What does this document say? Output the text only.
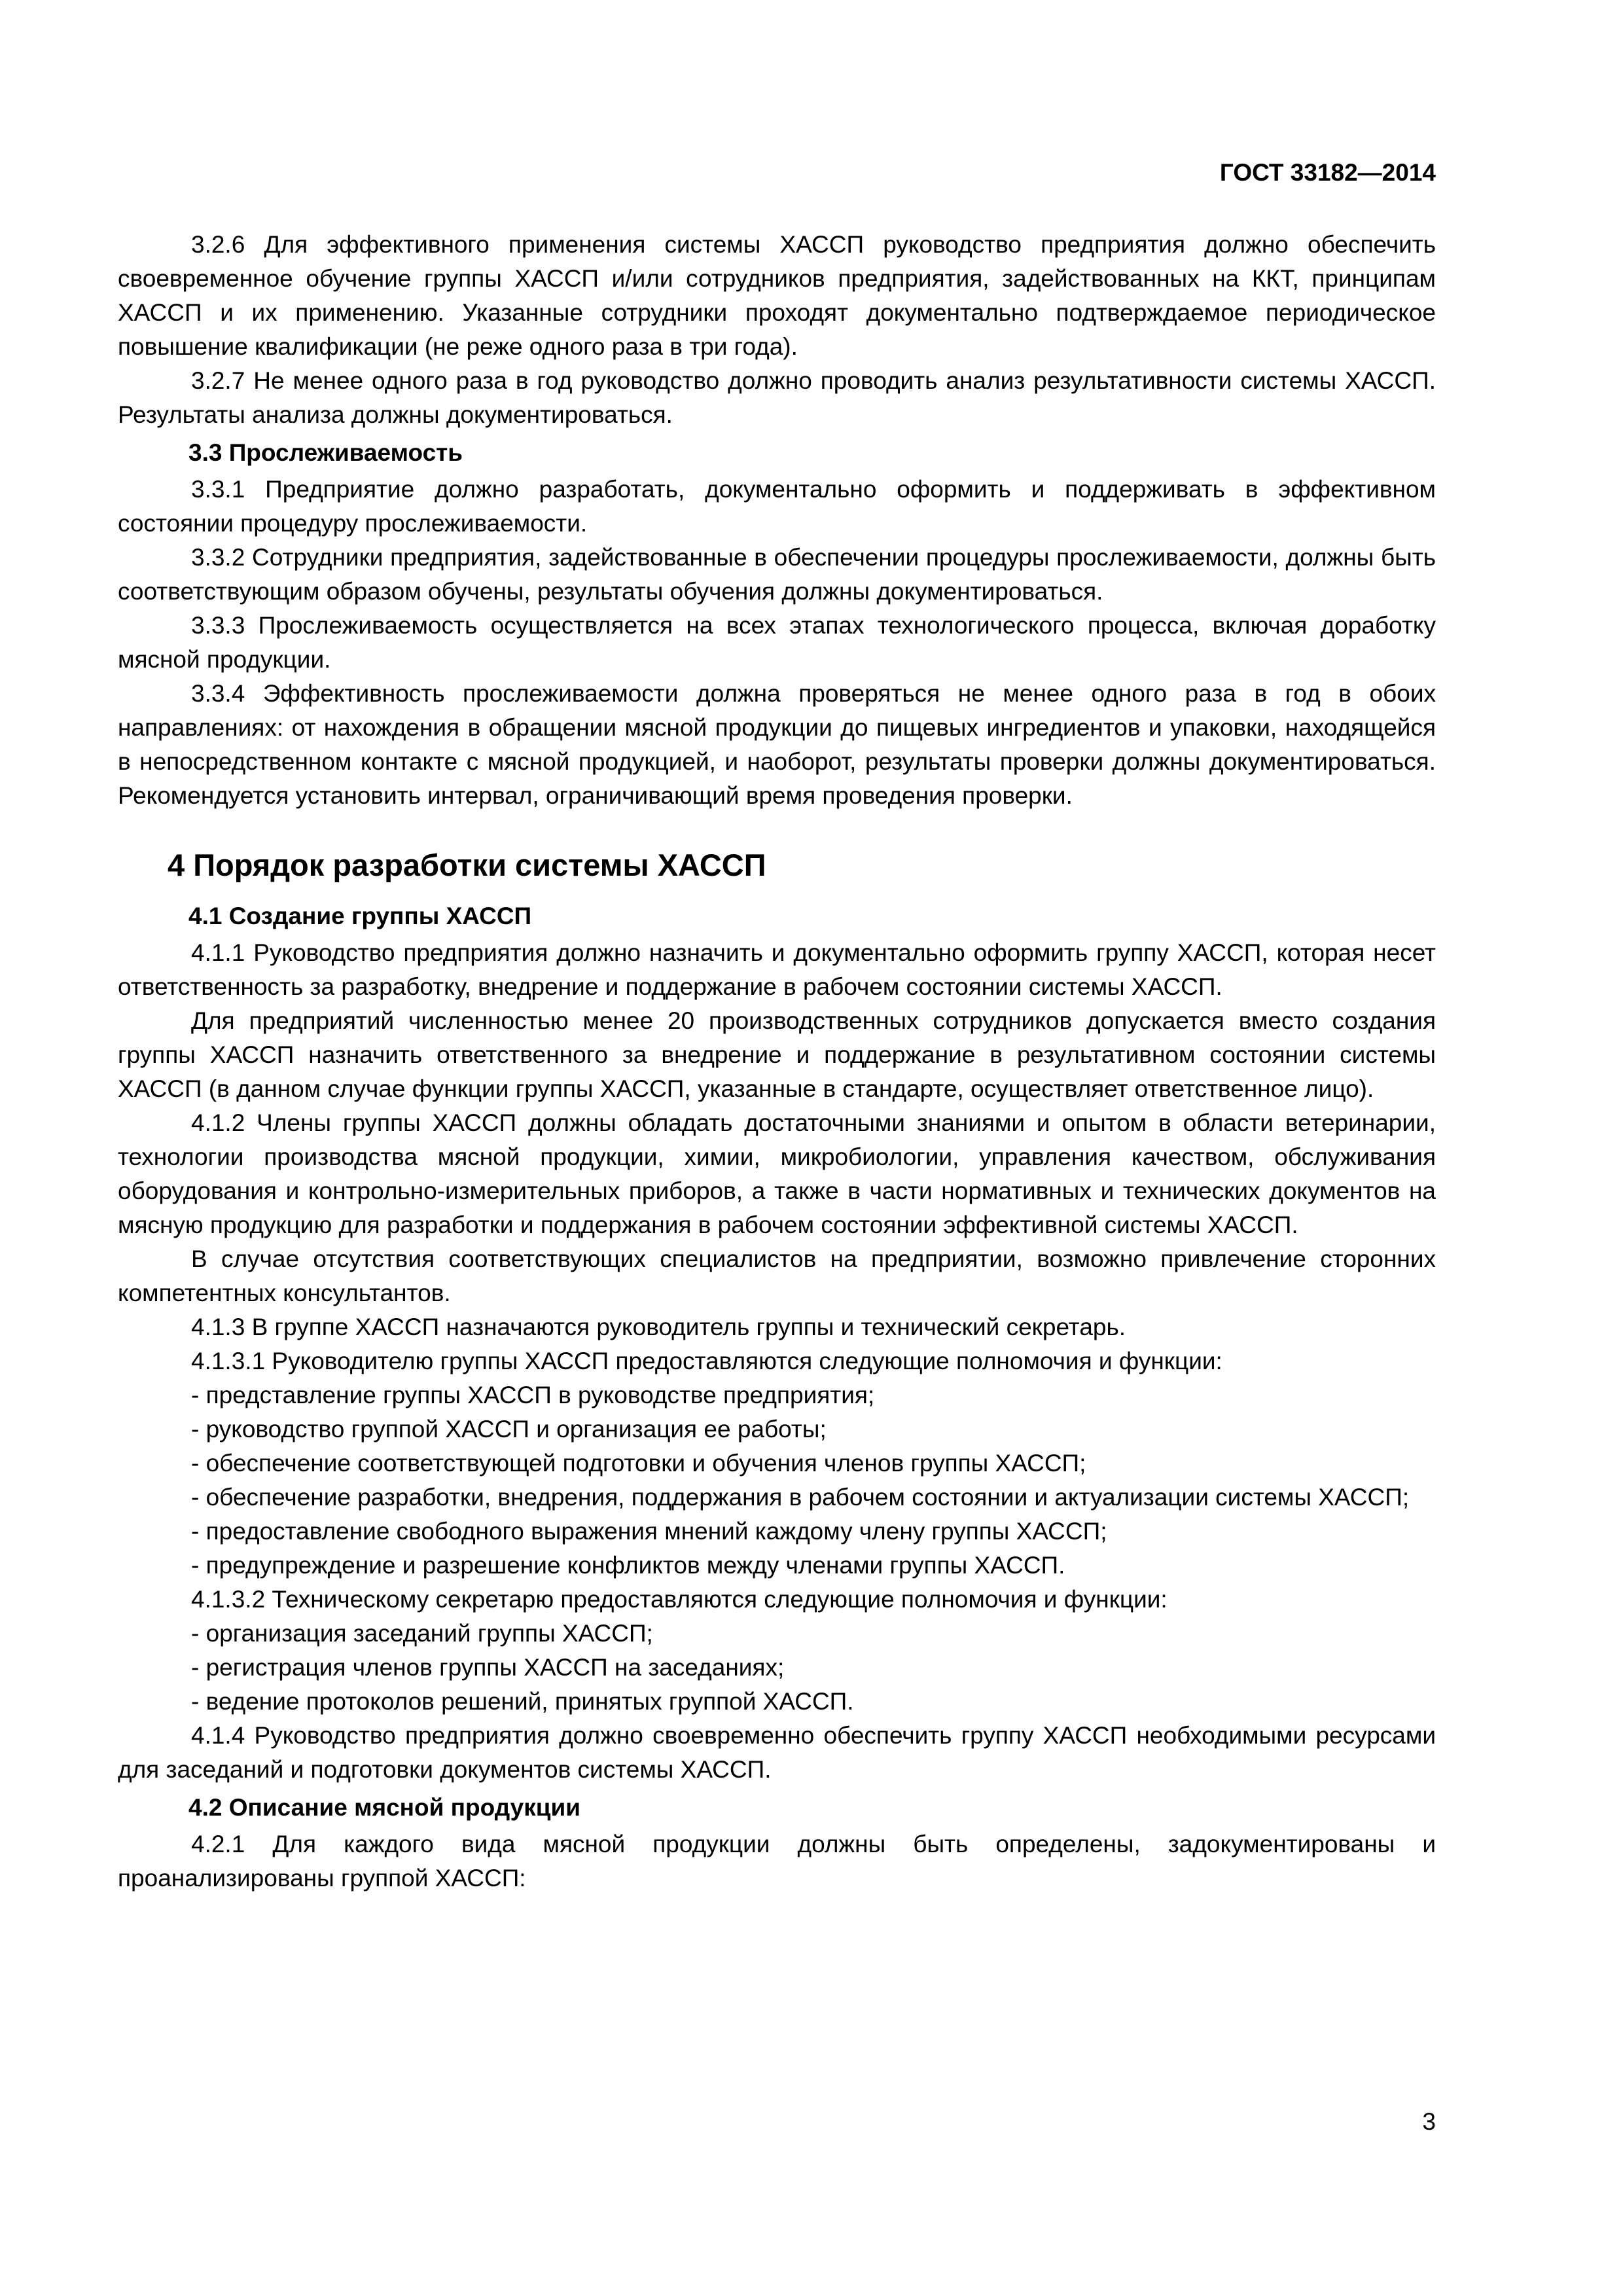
ГОСТ 33182—2014

3.2.6 Для эффективного применения системы ХАССП руководство предприятия должно обеспечить своевременное обучение группы ХАССП и/или сотрудников предприятия, задействованных на ККТ, принципам ХАССП и их применению. Указанные сотрудники проходят документально подтверждаемое периодическое повышение квалификации (не реже одного раза в три года).

3.2.7 Не менее одного раза в год руководство должно проводить анализ результативности системы ХАССП. Результаты анализа должны документироваться.

3.3 Прослеживаемость

3.3.1 Предприятие должно разработать, документально оформить и поддерживать в эффективном состоянии процедуру прослеживаемости.

3.3.2 Сотрудники предприятия, задействованные в обеспечении процедуры прослеживаемости, должны быть соответствующим образом обучены, результаты обучения должны документироваться.

3.3.3 Прослеживаемость осуществляется на всех этапах технологического процесса, включая доработку мясной продукции.

3.3.4 Эффективность прослеживаемости должна проверяться не менее одного раза в год в обоих направлениях: от нахождения в обращении мясной продукции до пищевых ингредиентов и упаковки, находящейся в непосредственном контакте с мясной продукцией, и наоборот, результаты проверки должны документироваться. Рекомендуется установить интервал, ограничивающий время проведения проверки.

4 Порядок разработки системы ХАССП
4.1 Создание группы ХАССП

4.1.1 Руководство предприятия должно назначить и документально оформить группу ХАССП, которая несет ответственность за разработку, внедрение и поддержание в рабочем состоянии системы ХАССП.

Для предприятий численностью менее 20 производственных сотрудников допускается вместо создания группы ХАССП назначить ответственного за внедрение и поддержание в результативном состоянии системы ХАССП (в данном случае функции группы ХАССП, указанные в стандарте, осуществляет ответственное лицо).

4.1.2 Члены группы ХАССП должны обладать достаточными знаниями и опытом в области ветеринарии, технологии производства мясной продукции, химии, микробиологии, управления качеством, обслуживания оборудования и контрольно-измерительных приборов, а также в части нормативных и технических документов на мясную продукцию для разработки и поддержания в рабочем состоянии эффективной системы ХАССП.

В случае отсутствия соответствующих специалистов на предприятии, возможно привлечение сторонних компетентных консультантов.

4.1.3 В группе ХАССП назначаются руководитель группы и технический секретарь.

4.1.3.1 Руководителю группы ХАССП предоставляются следующие полномочия и функции:

- представление группы ХАССП в руководстве предприятия;

- руководство группой ХАССП и организация ее работы;

- обеспечение соответствующей подготовки и обучения членов группы ХАССП;

- обеспечение разработки, внедрения, поддержания в рабочем состоянии и актуализации системы ХАССП;

- предоставление свободного выражения мнений каждому члену группы ХАССП;

- предупреждение и разрешение конфликтов между членами группы ХАССП.

4.1.3.2 Техническому секретарю предоставляются следующие полномочия и функции:

- организация заседаний группы ХАССП;

- регистрация членов группы ХАССП на заседаниях;

- ведение протоколов решений, принятых группой ХАССП.

4.1.4 Руководство предприятия должно своевременно обеспечить группу ХАССП необходимыми ресурсами для заседаний и подготовки документов системы ХАССП.

4.2 Описание мясной продукции

4.2.1 Для каждого вида мясной продукции должны быть определены, задокументированы и проанализированы группой ХАССП:

3
